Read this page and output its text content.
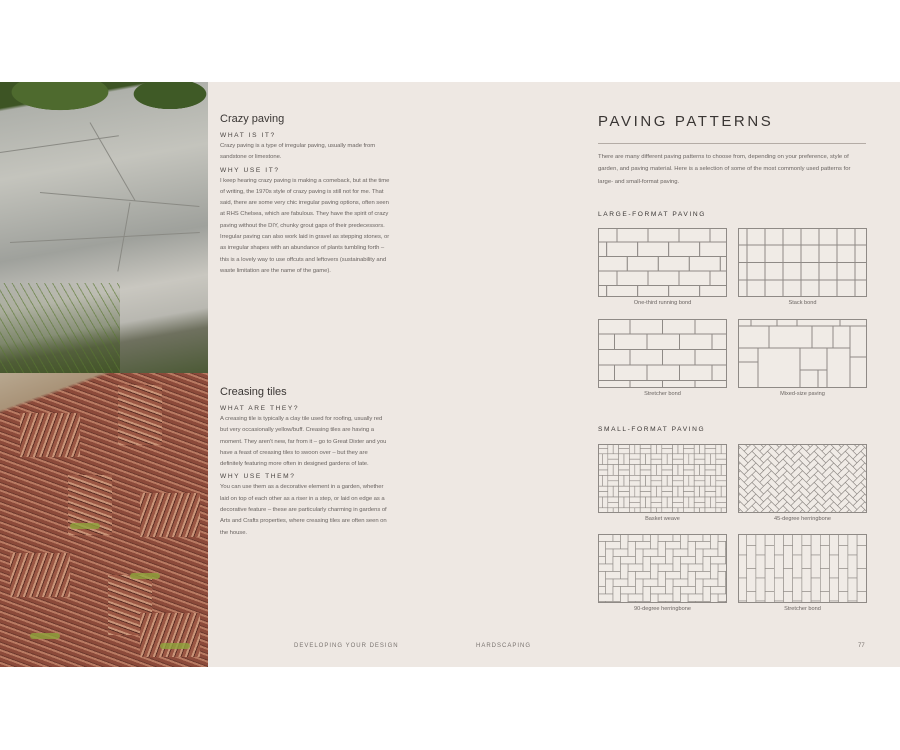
Crazy paving
WHAT IS IT?

Crazy paving is a type of irregular paving, usually made from sandstone or limestone.

WHY USE IT?

I keep hearing crazy paving is making a comeback, but at the time of writing, the 1970s style of crazy paving is still not for me. That said, there are some very chic irregular paving options, often seen at RHS Chelsea, which are fabulous. They have the spirit of crazy paving without the DIY, chunky grout gaps of their predecessors. Irregular paving can also work laid in gravel as stepping stones, or as irregular shapes with an abundance of plants tumbling forth – this is a lovely way to use offcuts and leftovers (sustainability and waste limitation are the name of the game).

Creasing tiles
WHAT ARE THEY?

A creasing tile is typically a clay tile used for roofing, usually red but very occasionally yellow/buff. Creasing tiles are having a moment. They aren't new, far from it – go to Great Dixter and you have a feast of creasing tiles to swoon over – but they are definitely featuring more often in designed gardens of late.

WHY USE THEM?

You can use them as a decorative element in a garden, whether laid on top of each other as a riser in a step, or laid on edge as a decorative feature – these are particularly charming in gardens of Arts and Crafts properties, where creasing tiles are often seen on the house.

PAVING PATTERNS
There are many different paving patterns to choose from, depending on your preference, style of garden, and paving material. Here is a selection of some of the most commonly used patterns for large- and small-format paving.
LARGE-FORMAT PAVING
One-third running bond	Stack bond
Stretcher bond	Mixed-size paving
SMALL-FORMAT PAVING
Basket weave	45-degree herringbone
90-degree herringbone	Stretcher bond
DEVELOPING YOUR DESIGN	HARDSCAPING	77
